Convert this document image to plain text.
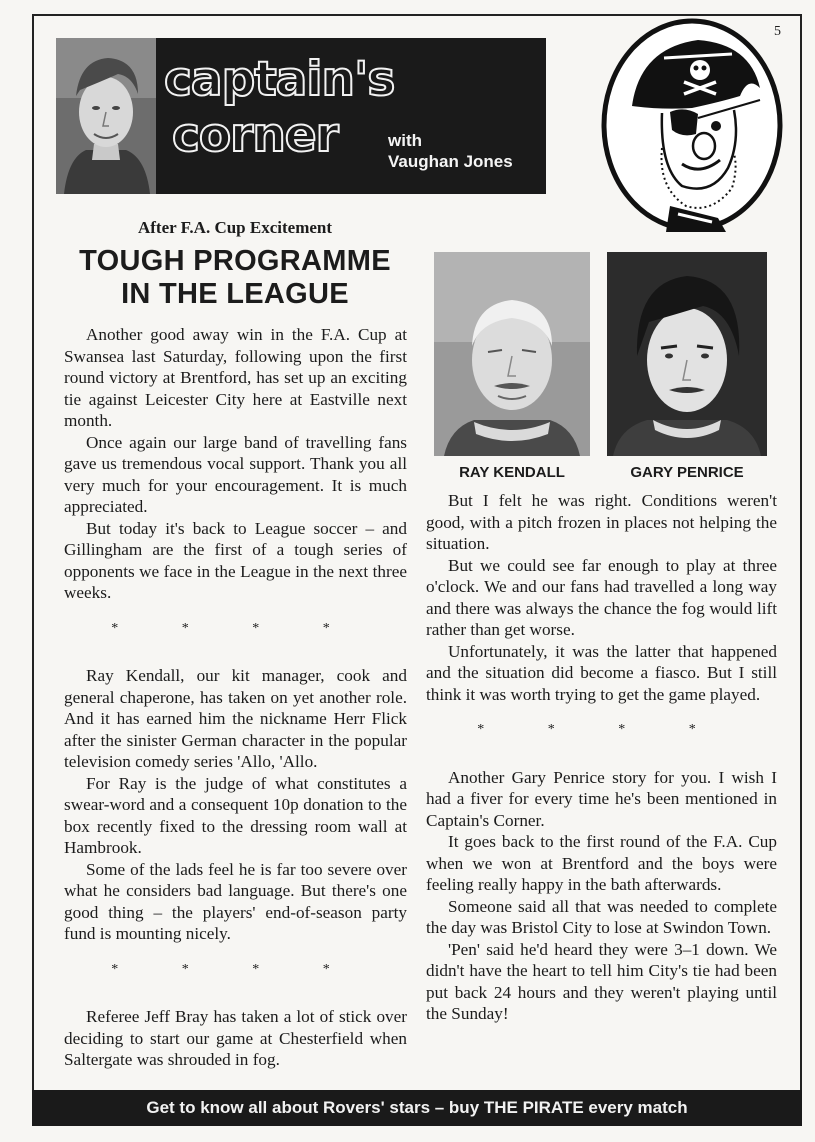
5
captain's
corner	with
Vaughan Jones
After F.A. Cup Excitement
TOUGH PROGRAMME
IN THE LEAGUE

Another good away win in the F.A. Cup at Swansea last Saturday, following upon the first round victory at Brentford, has set up an exciting tie against Leicester City here at Eastville next month.

Once again our large band of travelling fans gave us tremendous vocal support. Thank you all very much for your encouragement. It is much appreciated.

But today it's back to League soccer – and Gillingham are the first of a tough series of opponents we face in the League in the next three weeks.

* * * *

Ray Kendall, our kit manager, cook and general chaperone, has taken on yet another role. And it has earned him the nickname Herr Flick after the sinister German character in the popular television comedy series 'Allo, 'Allo.

For Ray is the judge of what constitutes a swear-word and a consequent 10p donation to the box recently fixed to the dressing room wall at Hambrook.

Some of the lads feel he is far too severe over what he considers bad language. But there's one good thing – the players' end-of-season party fund is mounting nicely.

* * * *

Referee Jeff Bray has taken a lot of stick over deciding to start our game at Chesterfield when Saltergate was shrouded in fog.

RAY KENDALL	GARY PENRICE

But I felt he was right. Conditions weren't good, with a pitch frozen in places not helping the situation.

But we could see far enough to play at three o'clock. We and our fans had travelled a long way and there was always the chance the fog would lift rather than get worse.

Unfortunately, it was the latter that happened and the situation did become a fiasco. But I still think it was worth trying to get the game played.

* * * *

Another Gary Penrice story for you. I wish I had a fiver for every time he's been mentioned in Captain's Corner.

It goes back to the first round of the F.A. Cup when we won at Brentford and the boys were feeling really happy in the bath afterwards.

Someone said all that was needed to complete the day was Bristol City to lose at Swindon Town.

'Pen' said he'd heard they were 3–1 down. We didn't have the heart to tell him City's tie had been put back 24 hours and they weren't playing until the Sunday!

Get to know all about Rovers' stars – buy THE PIRATE every match
